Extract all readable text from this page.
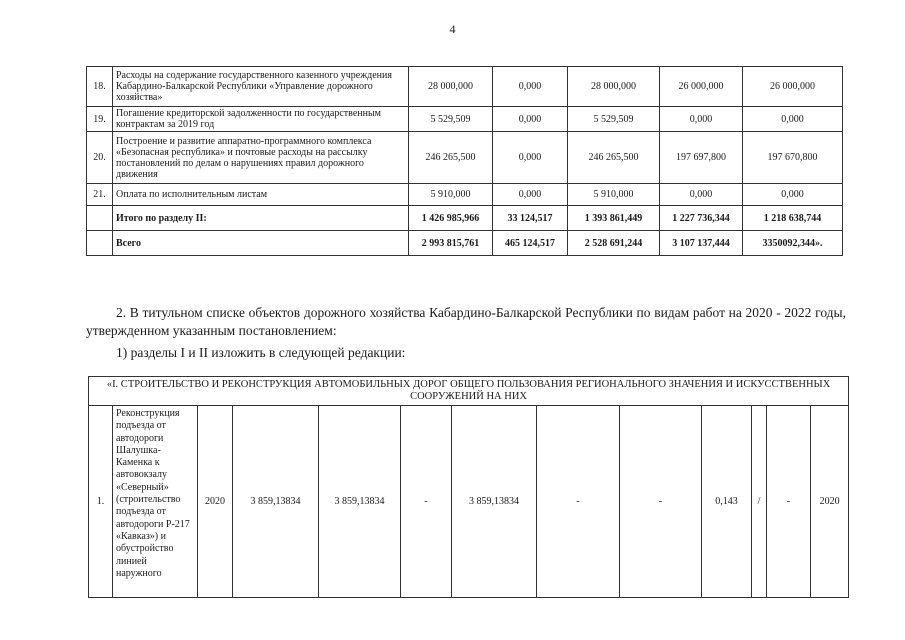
4
18.	Расходы на содержание государственного казенного учреждения Кабардино-Балкарской Республики «Управление дорожного хозяйства»	28 000,000	0,000	28 000,000	26 000,000	26 000,000
19.	Погашение кредиторской задолженности по государственным контрактам за 2019 год	5 529,509	0,000	5 529,509	0,000	0,000
20.	Построение и развитие аппаратно-программного комплекса «Безопасная республика» и почтовые расходы на рассылку постановлений по делам о нарушениях правил дорожного движения	246 265,500	0,000	246 265,500	197 697,800	197 670,800
21.	Оплата по исполнительным листам	5 910,000	0,000	5 910,000	0,000	0,000
	Итого по разделу II:	1 426 985,966	33 124,517	1 393 861,449	1 227 736,344	1 218 638,744
	Всего	2 993 815,761	465 124,517	2 528 691,244	3 107 137,444	3350092,344».
2. В титульном списке объектов дорожного хозяйства Кабардино-Балкарской Республики по видам работ на 2020 - 2022 годы, утвержденном указанным постановлением:
1) разделы I и II изложить в следующей редакции:
«I. СТРОИТЕЛЬСТВО И РЕКОНСТРУКЦИЯ АВТОМОБИЛЬНЫХ ДОРОГ ОБЩЕГО ПОЛЬЗОВАНИЯ РЕГИОНАЛЬНОГО ЗНАЧЕНИЯ И ИСКУССТВЕННЫХ СООРУЖЕНИЙ НА НИХ
1.	Реконструкция подъезда от автодороги Шалушка-Каменка к автовокзалу «Северный» (строительство подъезда от автодороги Р-217 «Кавказ») и обустройство линией наружного	2020	3 859,13834	3 859,13834	-	3 859,13834	-	-	0,143	/	-	2020
